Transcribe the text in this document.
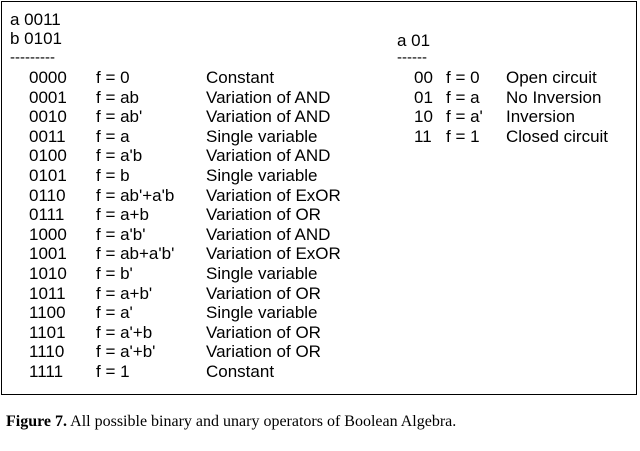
a 0011
b 0101
---------
a 01
------
0000 f = 0	Constant
0001 f = ab	Variation of AND
0010 f = ab'	Variation of AND
0011 f = a	Single variable
0100 f = a'b	Variation of AND
0101 f = b	Single variable
0110 f = ab'+a'b Variation of ExOR
0111 f = a+b	Variation of OR
1000 f = a'b'	Variation of AND
1001 f = ab+a'b' Variation of ExOR
1010 f = b'	Single variable
1011 f = a+b'	Variation of OR
1100 f = a'	Single variable
1101 f = a'+b	Variation of OR
1110 f = a'+b'	Variation of OR
1111 f = 1	Constant
00 f = 0 Open circuit
01 f = a No Inversion
10 f = a' Inversion
11 f = 1 Closed circuit
Figure 7. All possible binary and unary operators of Boolean Algebra.
